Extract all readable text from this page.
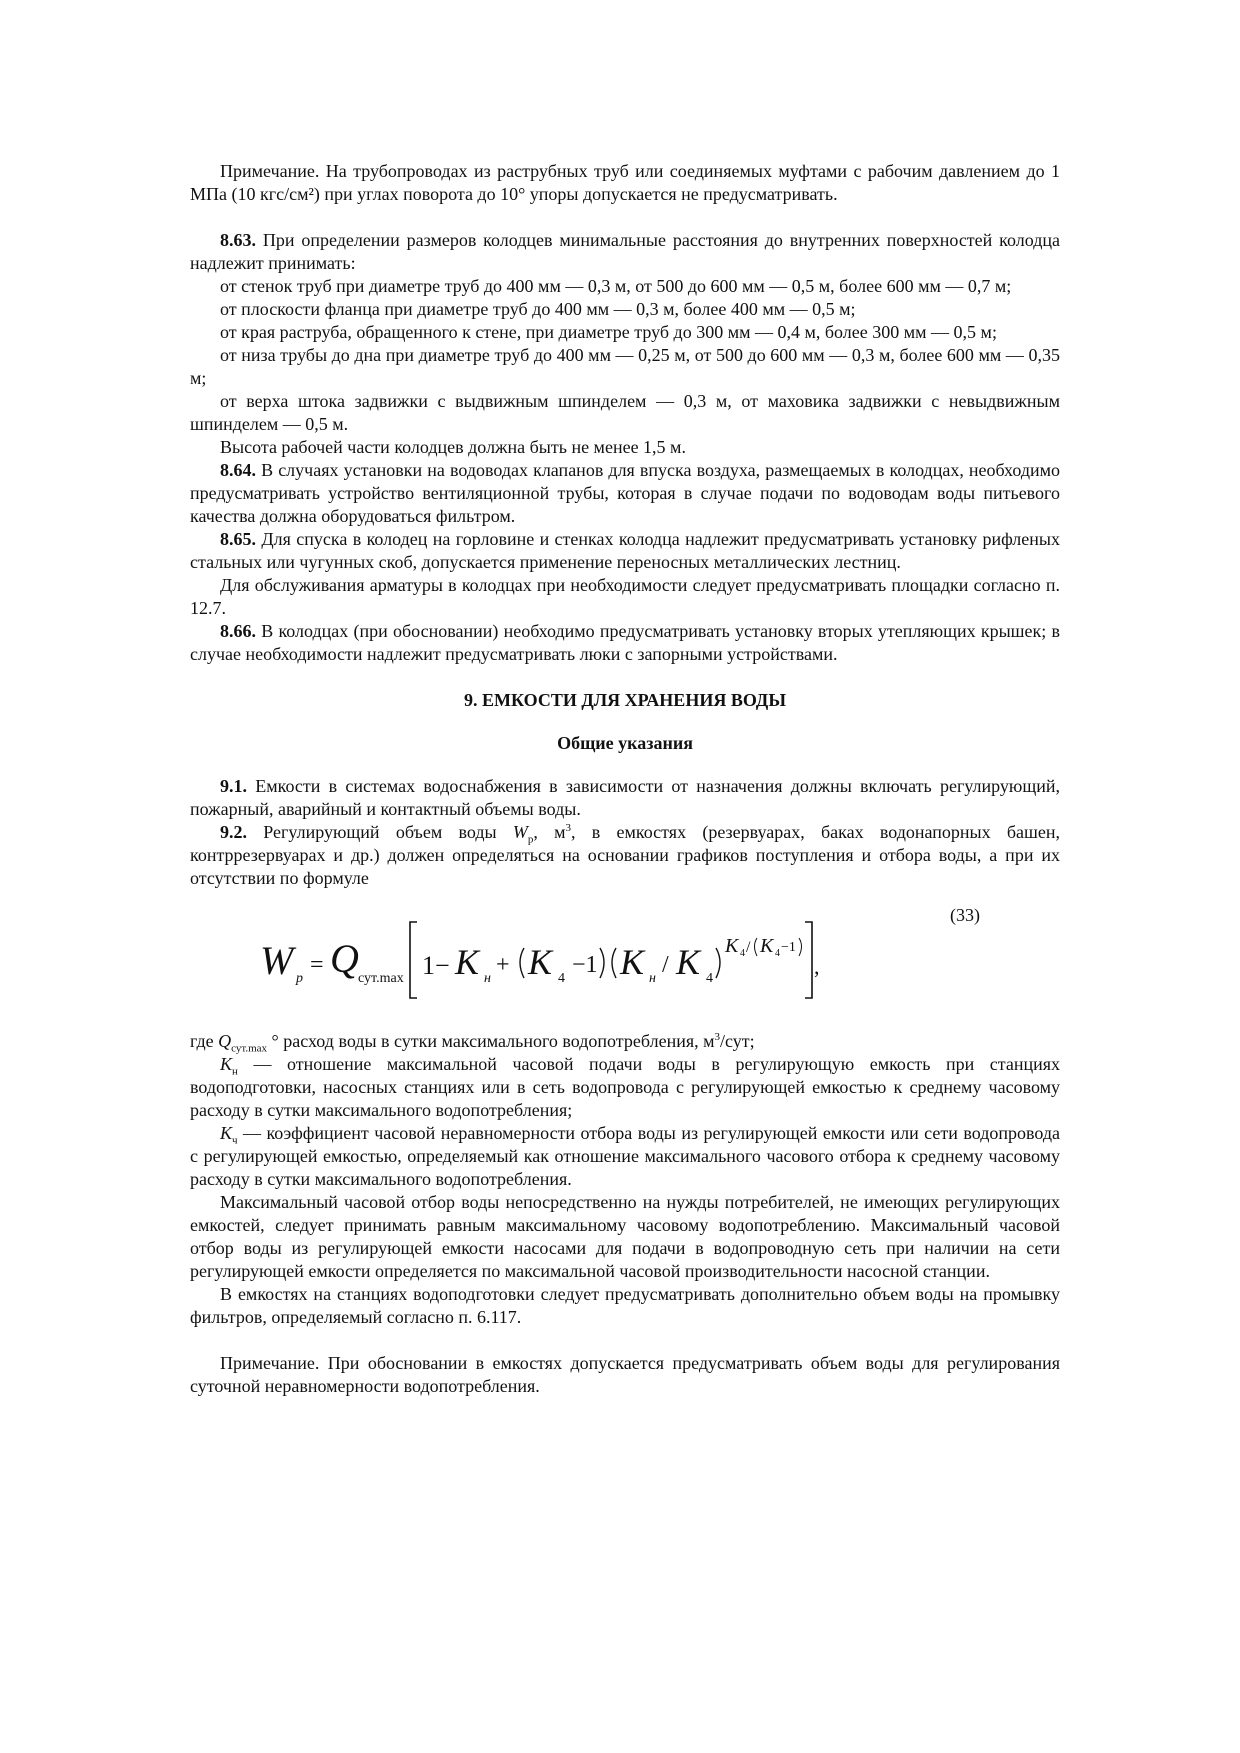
Примечание. На трубопроводах из раструбных труб или соединяемых муфтами с рабочим давлением до 1 МПа (10 кгс/см²) при углах поворота до 10° упоры допускается не предусматривать.

8.63. При определении размеров колодцев минимальные расстояния до внутренних поверхностей колодца надлежит принимать:

от стенок труб при диаметре труб до 400 мм — 0,3 м, от 500 до 600 мм — 0,5 м, более 600 мм — 0,7 м;

от плоскости фланца при диаметре труб до 400 мм — 0,3 м, более 400 мм — 0,5 м;

от края раструба, обращенного к стене, при диаметре труб до 300 мм — 0,4 м, более 300 мм — 0,5 м;

от низа трубы до дна при диаметре труб до 400 мм — 0,25 м, от 500 до 600 мм — 0,3 м, более 600 мм — 0,35 м;

от верха штока задвижки с выдвижным шпинделем — 0,3 м, от маховика задвижки с невыдвижным шпинделем — 0,5 м.

Высота рабочей части колодцев должна быть не менее 1,5 м.

8.64. В случаях установки на водоводах клапанов для впуска воздуха, размещаемых в колодцах, необходимо предусматривать устройство вентиляционной трубы, которая в случае подачи по водоводам воды питьевого качества должна оборудоваться фильтром.

8.65. Для спуска в колодец на горловине и стенках колодца надлежит предусматривать установку рифленых стальных или чугунных скоб, допускается применение переносных металлических лестниц.

Для обслуживания арматуры в колодцах при необходимости следует предусматривать площадки согласно п. 12.7.

8.66. В колодцах (при обосновании) необходимо предусматривать установку вторых утепляющих крышек; в случае необходимости надлежит предусматривать люки с запорными устройствами.

9. ЕМКОСТИ ДЛЯ ХРАНЕНИЯ ВОДЫ
Общие указания

9.1. Емкости в системах водоснабжения в зависимости от назначения должны включать регулирующий, пожарный, аварийный и контактный объемы воды.

9.2. Регулирующий объем воды $W_р$, $м^3$, в емкостях (резервуарах, баках водонапорных башен, контррезервуарах и др.) должен определяться на основании графиков поступления и отбора воды, а при их отсутствии по формуле

(33)
W p
= Q сут.max 1− K н
+ K 4
−1 K н
/ K 4
K 4 / K 4 −1
,

где $Q_{сут.max}$ ° расход воды в сутки максимального водопотребления, $м^3$/сут;

$K_н$ — отношение максимальной часовой подачи воды в регулирующую емкость при станциях водоподготовки, насосных станциях или в сеть водопровода с регулирующей емкостью к среднему часовому расходу в сутки максимального водопотребления;

$K_ч$ — коэффициент часовой неравномерности отбора воды из регулирующей емкости или сети водопровода с регулирующей емкостью, определяемый как отношение максимального часового отбора к среднему часовому расходу в сутки максимального водопотребления.

Максимальный часовой отбор воды непосредственно на нужды потребителей, не имеющих регулирующих емкостей, следует принимать равным максимальному часовому водопотреблению. Максимальный часовой отбор воды из регулирующей емкости насосами для подачи в водопроводную сеть при наличии на сети регулирующей емкости определяется по максимальной часовой производительности насосной станции.

В емкостях на станциях водоподготовки следует предусматривать дополнительно объем воды на промывку фильтров, определяемый согласно п. 6.117.

Примечание. При обосновании в емкостях допускается предусматривать объем воды для регулирования суточной неравномерности водопотребления.
